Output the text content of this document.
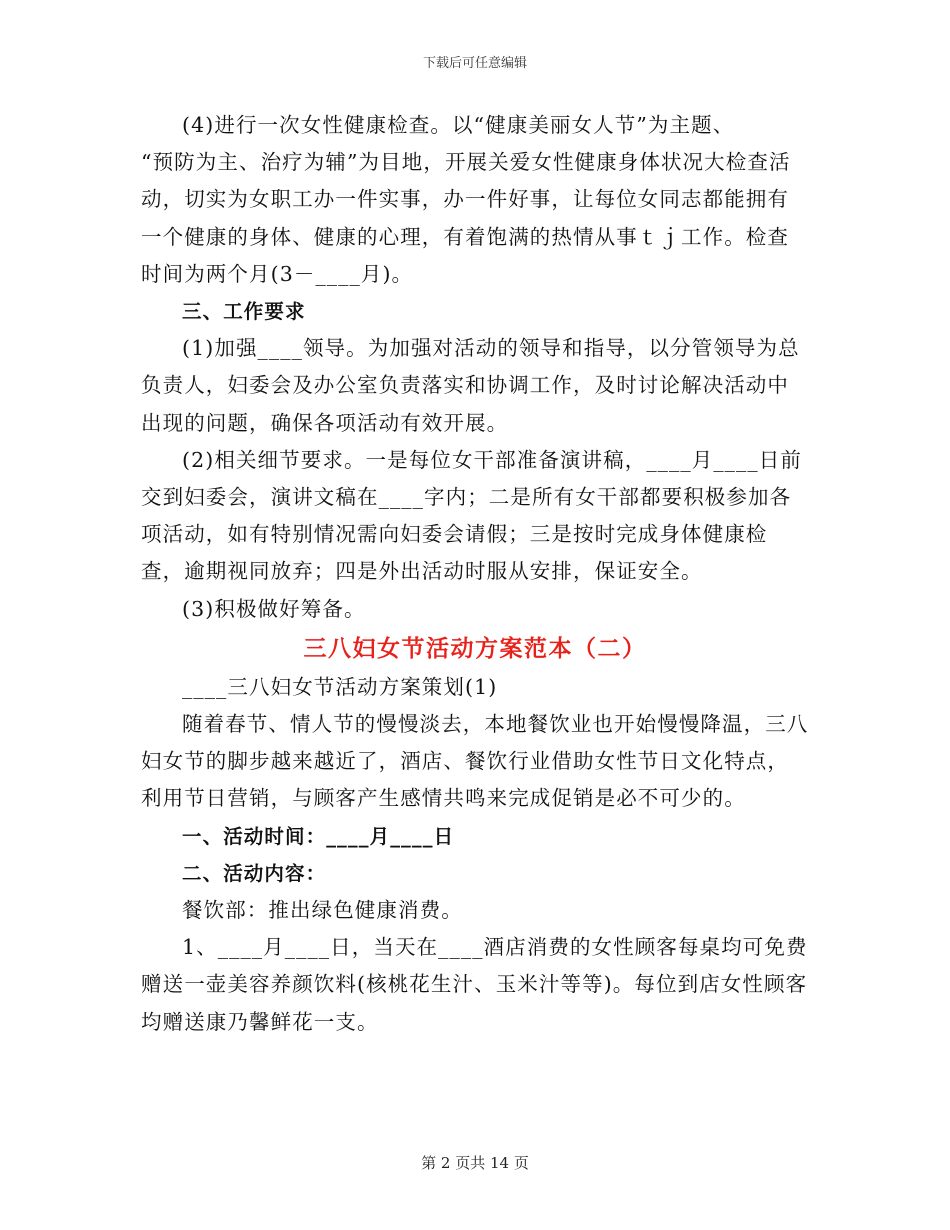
下载后可任意编辑

(4)进行一次女性健康检查。以“健康美丽女人节”为主题、

“预防为主、治疗为辅”为目地，开展关爱女性健康身体状况大检查活动，切实为女职工办一件实事，办一件好事，让每位女同志都能拥有一个健康的身体、健康的心理，有着饱满的热情从事ｔｊ工作。检查时间为两个月(3－____月)。

三、工作要求

(1)加强____领导。为加强对活动的领导和指导，以分管领导为总负责人，妇委会及办公室负责落实和协调工作，及时讨论解决活动中出现的问题，确保各项活动有效开展。

(2)相关细节要求。一是每位女干部准备演讲稿，____月____日前交到妇委会，演讲文稿在____字内；二是所有女干部都要积极参加各项活动，如有特别情况需向妇委会请假；三是按时完成身体健康检查，逾期视同放弃；四是外出活动时服从安排，保证安全。

(3)积极做好筹备。

三八妇女节活动方案范本（二）

____三八妇女节活动方案策划(1)

随着春节、情人节的慢慢淡去，本地餐饮业也开始慢慢降温，三八妇女节的脚步越来越近了，酒店、餐饮行业借助女性节日文化特点，利用节日营销，与顾客产生感情共鸣来完成促销是必不可少的。

一、活动时间：____月____日

二、活动内容：

餐饮部：推出绿色健康消费。

1、____月____日，当天在____酒店消费的女性顾客每桌均可免费赠送一壶美容养颜饮料(核桃花生汁、玉米汁等等)。每位到店女性顾客均赠送康乃馨鲜花一支。

第 2 页共 14 页
